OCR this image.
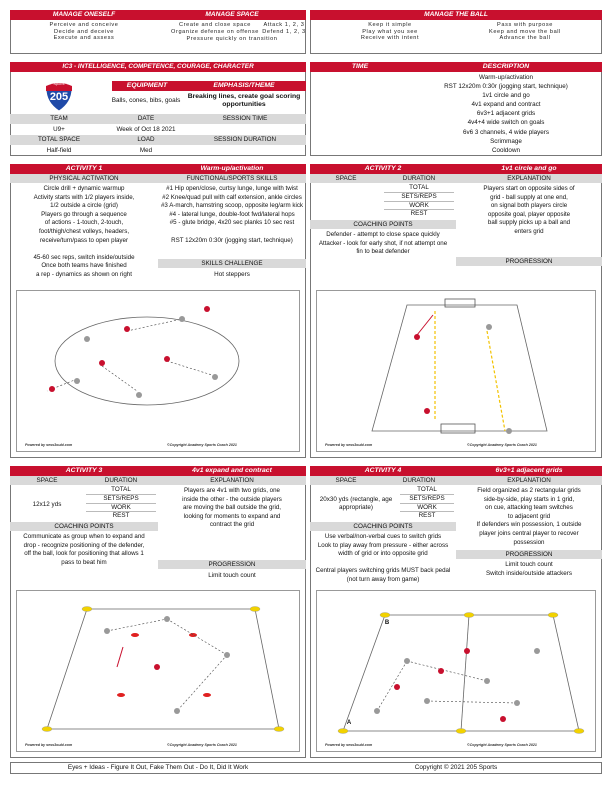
MANAGE ONESELF	MANAGE SPACE
Perceive and conceive
Decide and deceive
Execute and assess
Create and close space
Organize defense on offense
Attack 1, 2, 3
Defend 1, 2, 3
Pressure quickly on transition
MANAGE THE BALL
Keep it simple
Play what you see
Receive with intent
Pass with purpose
Keep and move the ball
Advance the ball
IC3 - INTELLIGENCE, COMPETENCE, COURAGE, CHARACTER
Sports
205
EQUIPMENT	EMPHASIS/THEME
Balls, cones, bibs, goals
Breaking lines, create goal scoring opportunities
TEAM	DATE	SESSION TIME
U9+	Week of Oct 18 2021
TOTAL SPACE	LOAD	SESSION DURATION
Half-field	Med
TIME	DESCRIPTION
Warm-up/activation
RST 12x20m 0:30r (jogging start, technique)
1v1 circle and go
4v1 expand and contract
6v3+1 adjacent grids
4v4+4 wide switch on goals
6v6 3 channels, 4 wide players
Scrimmage
Cooldown
ACTIVITY 1	Warm-up/activation
PHYSICAL ACTIVATION	FUNCTIONAL/SPORTS SKILLS
Circle drill + dynamic warmup
Activity starts with 1/2 players inside,
1/2 outside a circle (grid)
Players go through a sequence
of actions - 1-touch, 2-touch,
foot/thigh/chest volleys, headers,
receive/turn/pass to open player
45-60 sec reps, switch inside/outside
Once both teams have finished
a rep - dynamics as shown on right
#1 Hip open/close, curtsy lunge, lunge with twist
#2 Knee/quad pull with calf extension, ankle circles
#3 A-march, hamstring scoop, opposite leg/arm kick
#4 - lateral lunge, double-foot fwd/lateral hops
#5 - glute bridge, 4x20 sec planks 10 sec rest
RST 12x20m 0:30r (jogging start, technique)
SKILLS CHALLENGE
Hot steppers
Powered by sess3ould.com	©Copyright Academy Sports Coach 2021
ACTIVITY 2	1v1 circle and go
SPACE	DURATION	EXPLANATION
TOTAL
SETS/REPS
WORK
REST
Players start on opposite sides of
grid - ball supply at one end,
on signal both players circle
opposite goal, player opposite
ball supply picks up a ball and
enters grid
COACHING POINTS
Defender - attempt to close space quickly
Attacker - look for early shot, if not attempt one
fin to beat defender
PROGRESSION
Powered by sess3ould.com	©Copyright Academy Sports Coach 2021
ACTIVITY 3	4v1 expand and contract
SPACE	DURATION	EXPLANATION
12x12 yds
TOTAL
SETS/REPS
WORK
REST
Players are 4v1 with two grids, one
inside the other - the outside players
are moving the ball outside the grid,
looking for moments to expand and
contract the grid
COACHING POINTS
Communicate as group when to expand and
drop - recognize positioning of the defender,
off the ball, look for positioning that allows 1
pass to beat him	PROGRESSION
Limit touch count
Powered by sess3ould.com	©Copyright Academy Sports Coach 2021
ACTIVITY 4	6v3+1 adjacent grids
SPACE	DURATION	EXPLANATION
20x30 yds (rectangle, age appropriate)
TOTAL
SETS/REPS
WORK
REST
Field organized as 2 rectangular grids
side-by-side, play starts in 1 grid,
on cue, attacking team switches
to adjacent grid
If defenders win possession, 1 outside
player joins central player to recover
possession
COACHING POINTS
Use verbal/non-verbal cues to switch grids
Look to play away from pressure - either across
width of grid or into opposite grid
Central players switching grids MUST back pedal
(not turn away from game)
PROGRESSION
Limit touch count
Switch inside/outside attackers
A
B
Powered by sess3ould.com	©Copyright Academy Sports Coach 2021
Eyes + Ideas - Figure It Out, Fake Them Out - Do It, Did It Work	Copyright © 2021 205 Sports
